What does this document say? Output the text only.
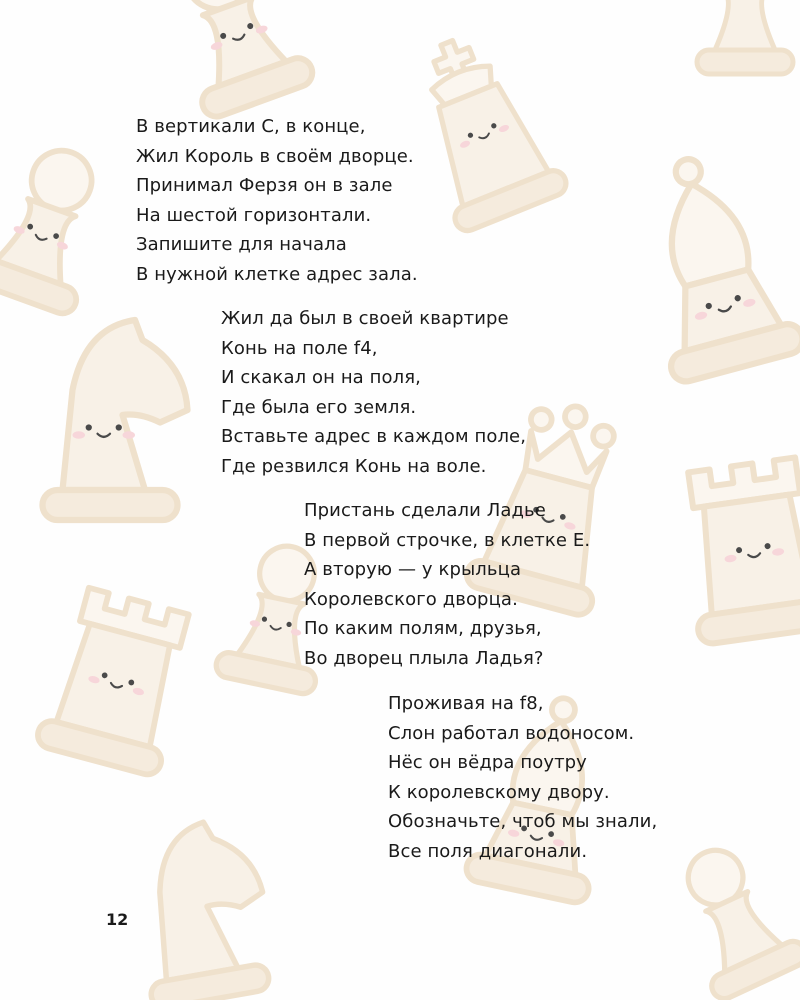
В вертикали С, в конце,
Жил Король в своём дворце.
Принимал Ферзя он в зале
На шестой горизонтали.
Запишите для начала
В нужной клетке адрес зала.
Жил да был в своей квартире
Конь на поле f4,
И скакал он на поля,
Где была его земля.
Вставьте адрес в каждом поле,
Где резвился Конь на воле.
Пристань сделали Ладье
В первой строчке, в клетке Е.
А вторую — у крыльца
Королевского дворца.
По каким полям, друзья,
Во дворец плыла Ладья?
Проживая на f8,
Слон работал водоносом.
Нёс он вёдра поутру
К королевскому двору.
Обозначьте, чтоб мы знали,
Все поля диагонали.
12
